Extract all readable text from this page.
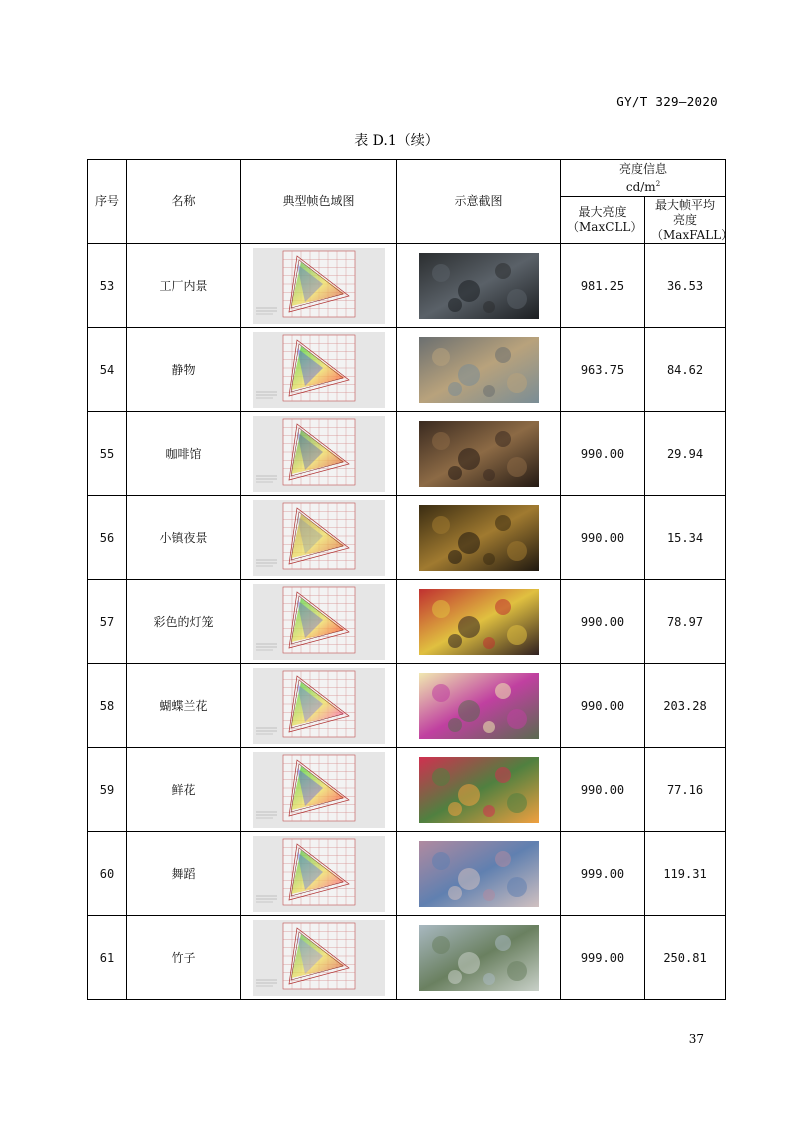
GY/T 329—2020
表 D.1（续）
序号	名称	典型帧色域图	示意截图	亮度信息
$cd/m^2$

				最大亮度（MaxCLL）	最大帧平均亮度（MaxFALL）
53	工厂内景			981.25	36.53
54	静物			963.75	84.62
55	咖啡馆			990.00	29.94
56	小镇夜景			990.00	15.34
57	彩色的灯笼			990.00	78.97
58	蝴蝶兰花			990.00	203.28
59	鲜花			990.00	77.16
60	舞蹈			999.00	119.31
61	竹子			999.00	250.81
37
